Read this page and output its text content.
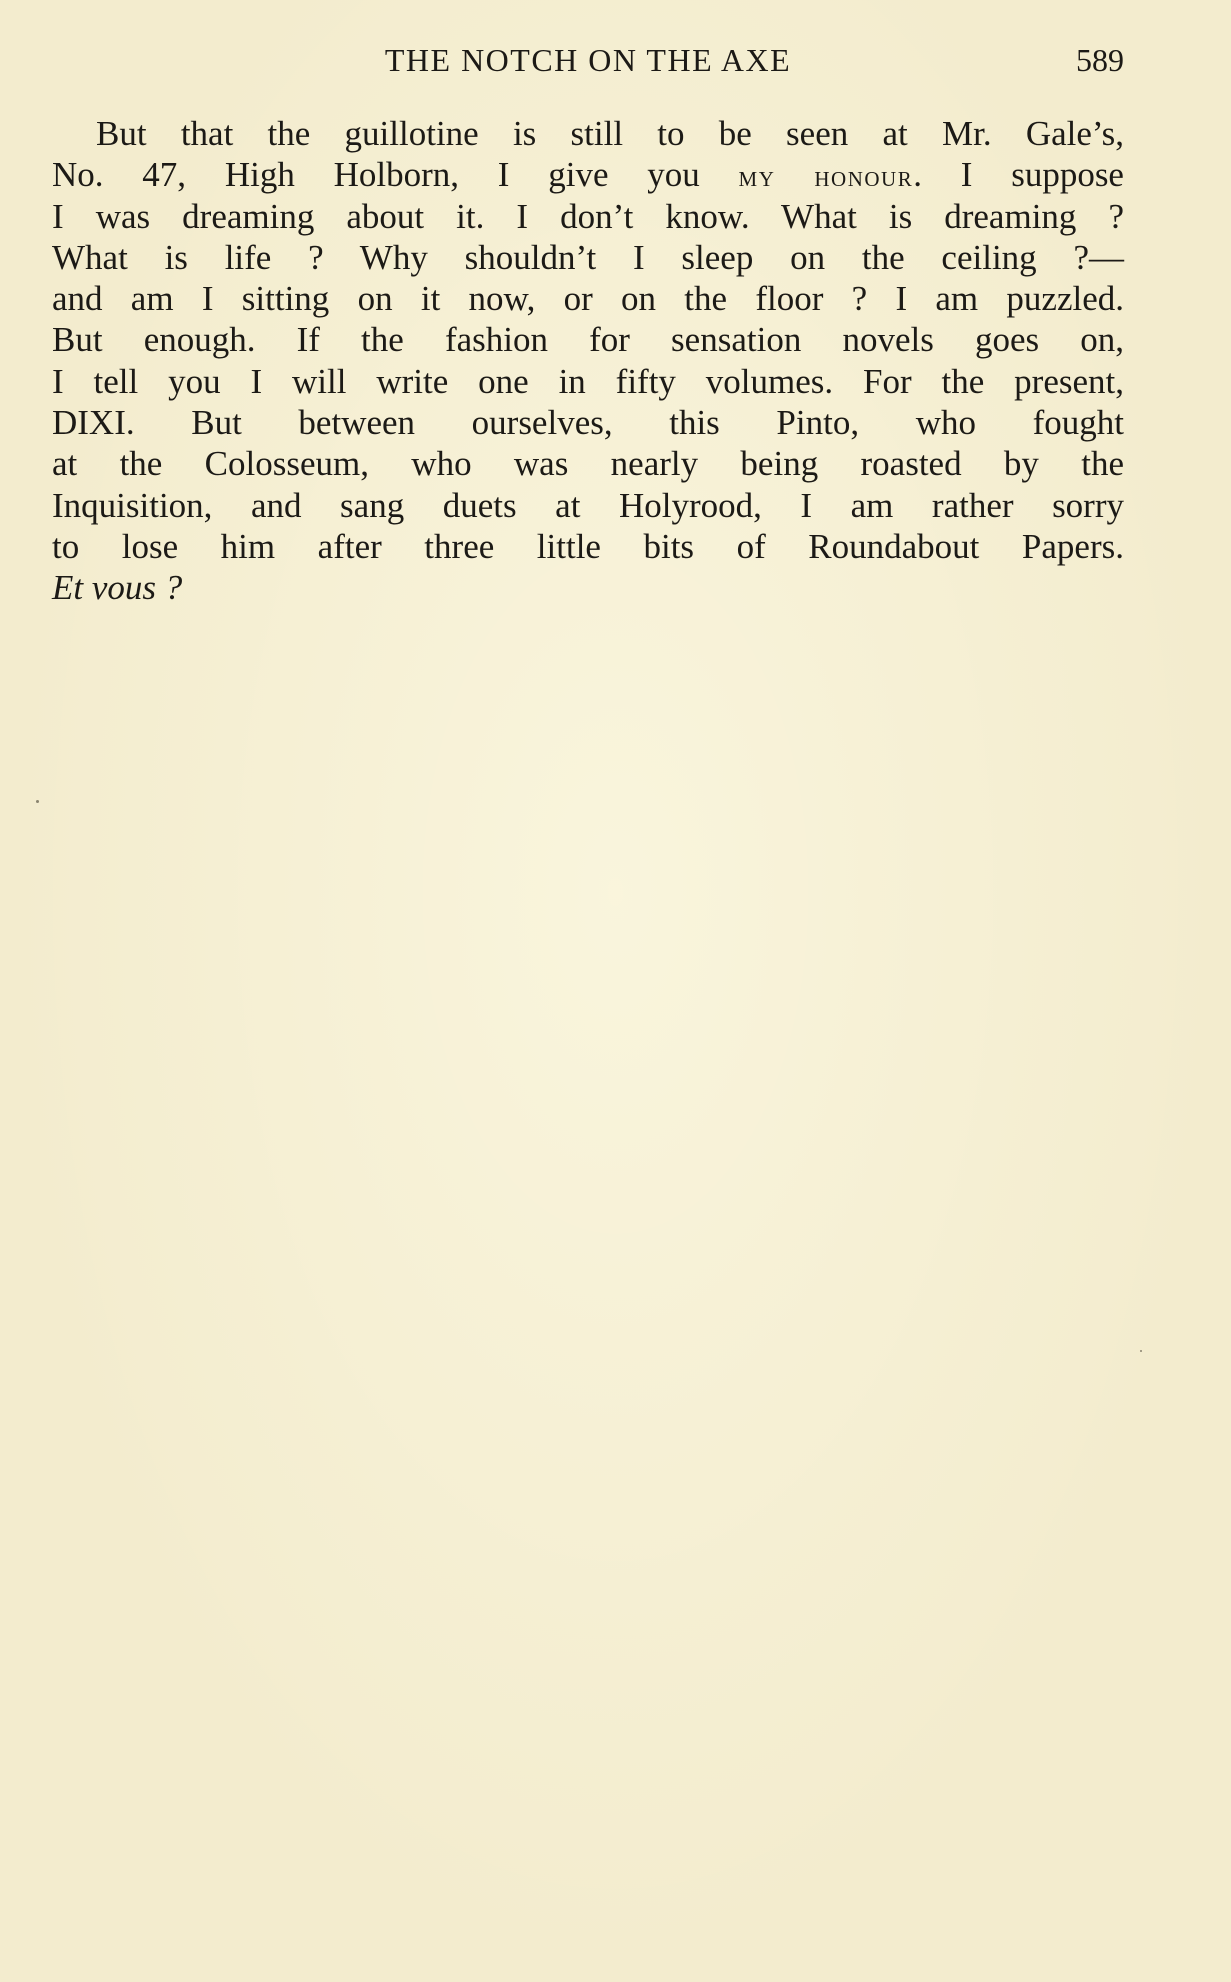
THE NOTCH ON THE AXE	589

But that the guillotine is still to be seen at Mr. Gale’s,
No. 47, High Holborn, I give you my honour. I suppose
I was dreaming about it. I don’t know. What is dreaming ?
What is life ? Why shouldn’t I sleep on the ceiling ?—
and am I sitting on it now, or on the floor ? I am puzzled.
But enough. If the fashion for sensation novels goes on,
I tell you I will write one in fifty volumes. For the present,
DIXI. But between ourselves, this Pinto, who fought
at the Colosseum, who was nearly being roasted by the
Inquisition, and sang duets at Holyrood, I am rather sorry
to lose him after three little bits of Roundabout Papers.
Et vous ?
